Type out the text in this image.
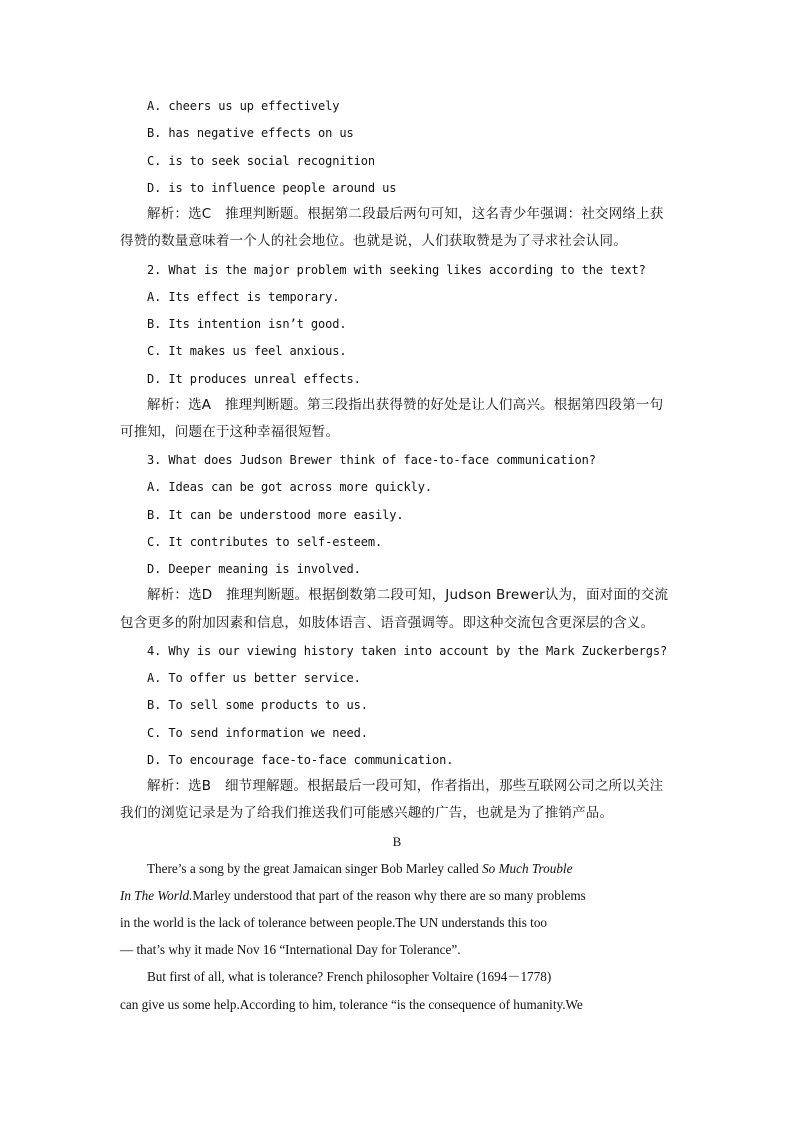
A. cheers us up effectively
B. has negative effects on us
C. is to seek social recognition
D. is to influence people around us
解析：选C　推理判断题。根据第二段最后两句可知，这名青少年强调：社交网络上获
得赞的数量意味着一个人的社会地位。也就是说，人们获取赞是为了寻求社会认同。
2. What is the major problem with seeking likes according to the text?
A. Its effect is temporary.
B. Its intention isn’t good.
C. It makes us feel anxious.
D. It produces unreal effects.
解析：选A　推理判断题。第三段指出获得赞的好处是让人们高兴。根据第四段第一句
可推知，问题在于这种幸福很短暂。
3. What does Judson Brewer think of face-to-face communication?
A. Ideas can be got across more quickly.
B. It can be understood more easily.
C. It contributes to self-esteem.
D. Deeper meaning is involved.
解析：选D　推理判断题。根据倒数第二段可知，Judson Brewer认为，面对面的交流
包含更多的附加因素和信息，如肢体语言、语音强调等。即这种交流包含更深层的含义。
4. Why is our viewing history taken into account by the Mark Zuckerbergs?
A. To offer us better service.
B. To sell some products to us.
C. To send information we need.
D. To encourage face-to-face communication.
解析：选B　细节理解题。根据最后一段可知，作者指出，那些互联网公司之所以关注
我们的浏览记录是为了给我们推送我们可能感兴趣的广告，也就是为了推销产品。
B
There’s a song by the great Jamaican singer Bob Marley called So Much Trouble
In The World.Marley understood that part of the reason why there are so many problems
in the world is the lack of tolerance between people.The UN understands this too
— that’s why it made Nov 16 “International Day for Tolerance”.
But first of all, what is tolerance? French philosopher Voltaire (1694－1778)
can give us some help.According to him, tolerance “is the consequence of humanity.We
